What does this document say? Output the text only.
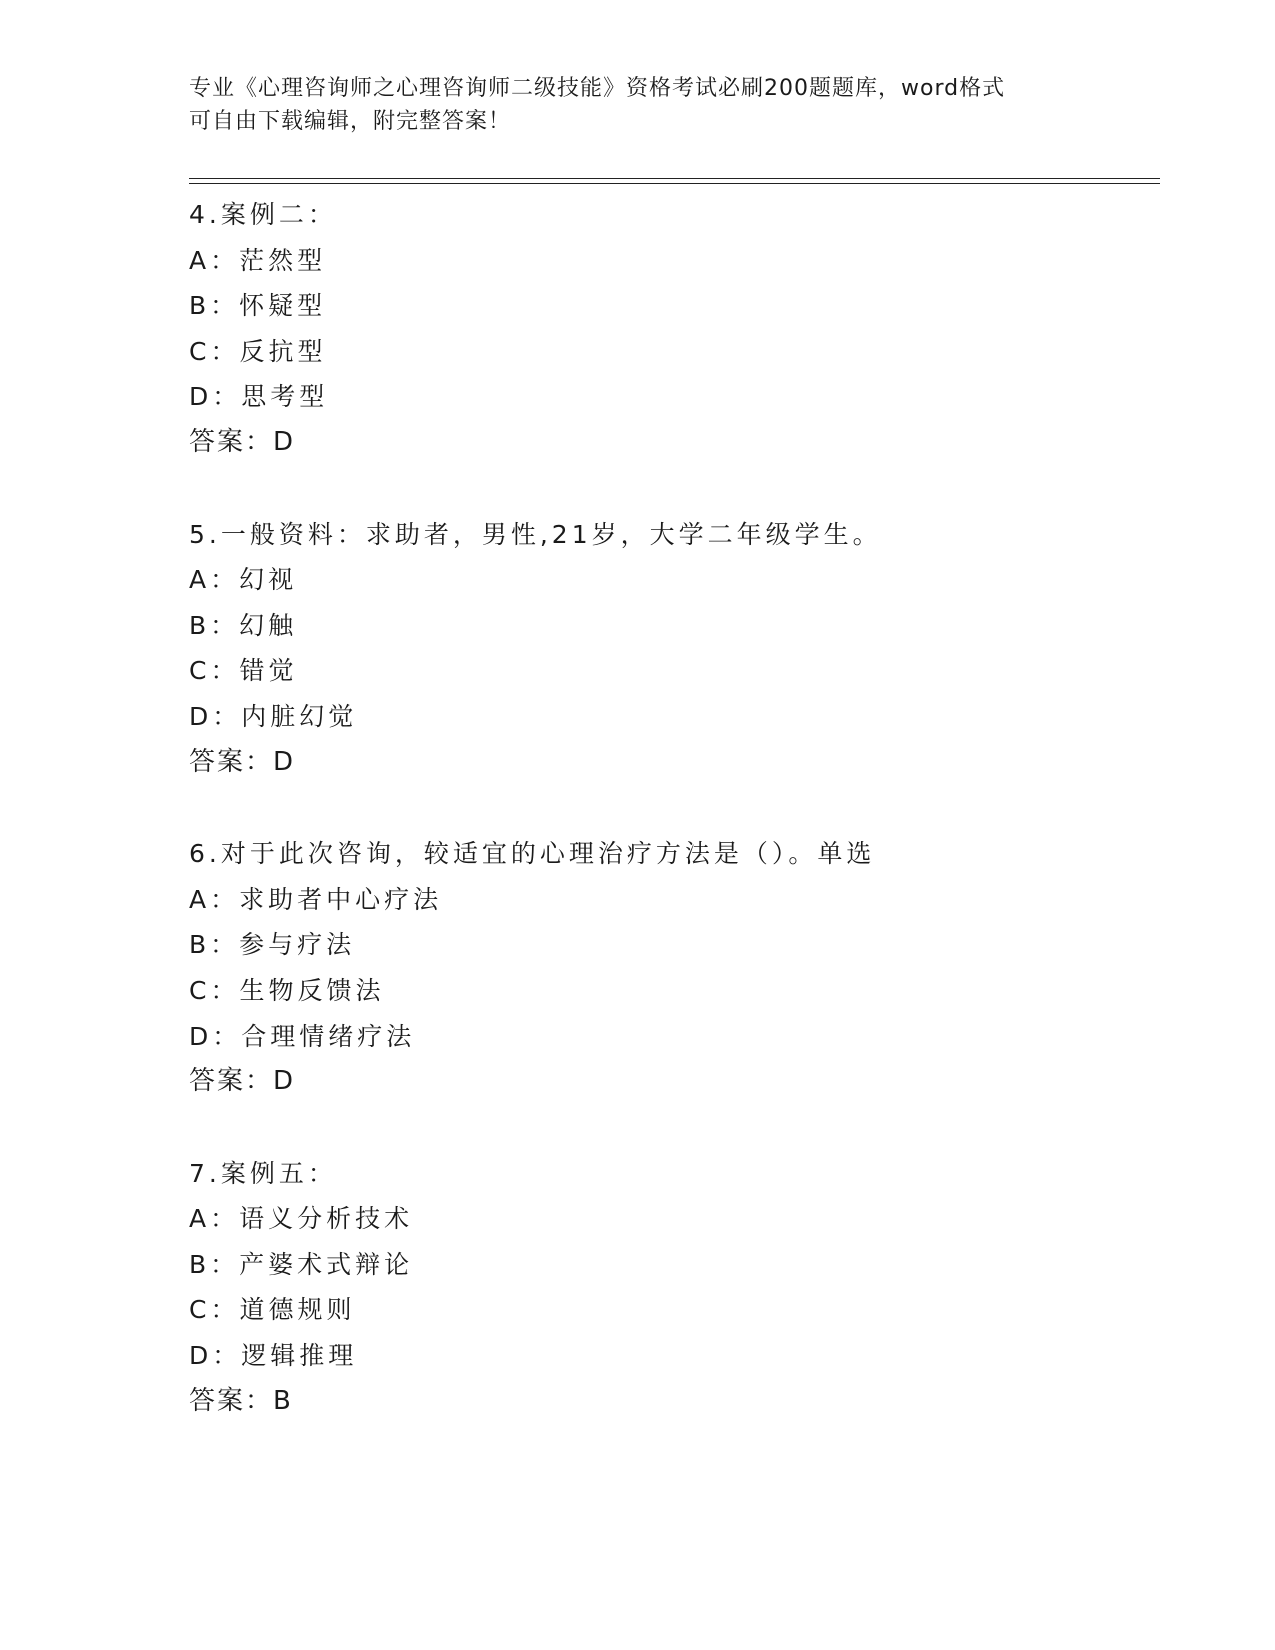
专业《心理咨询师之心理咨询师二级技能》资格考试必刷200题题库，word格式
可自由下载编辑，附完整答案！
4.案例二：
A：茫然型
B：怀疑型
C：反抗型
D：思考型
答案：D
5.一般资料：求助者，男性,21岁，大学二年级学生。
A：幻视
B：幻触
C：错觉
D：内脏幻觉
答案：D
6.对于此次咨询，较适宜的心理治疗方法是（）。单选
A：求助者中心疗法
B：参与疗法
C：生物反馈法
D：合理情绪疗法
答案：D
7.案例五：
A：语义分析技术
B：产婆术式辩论
C：道德规则
D：逻辑推理
答案：B
